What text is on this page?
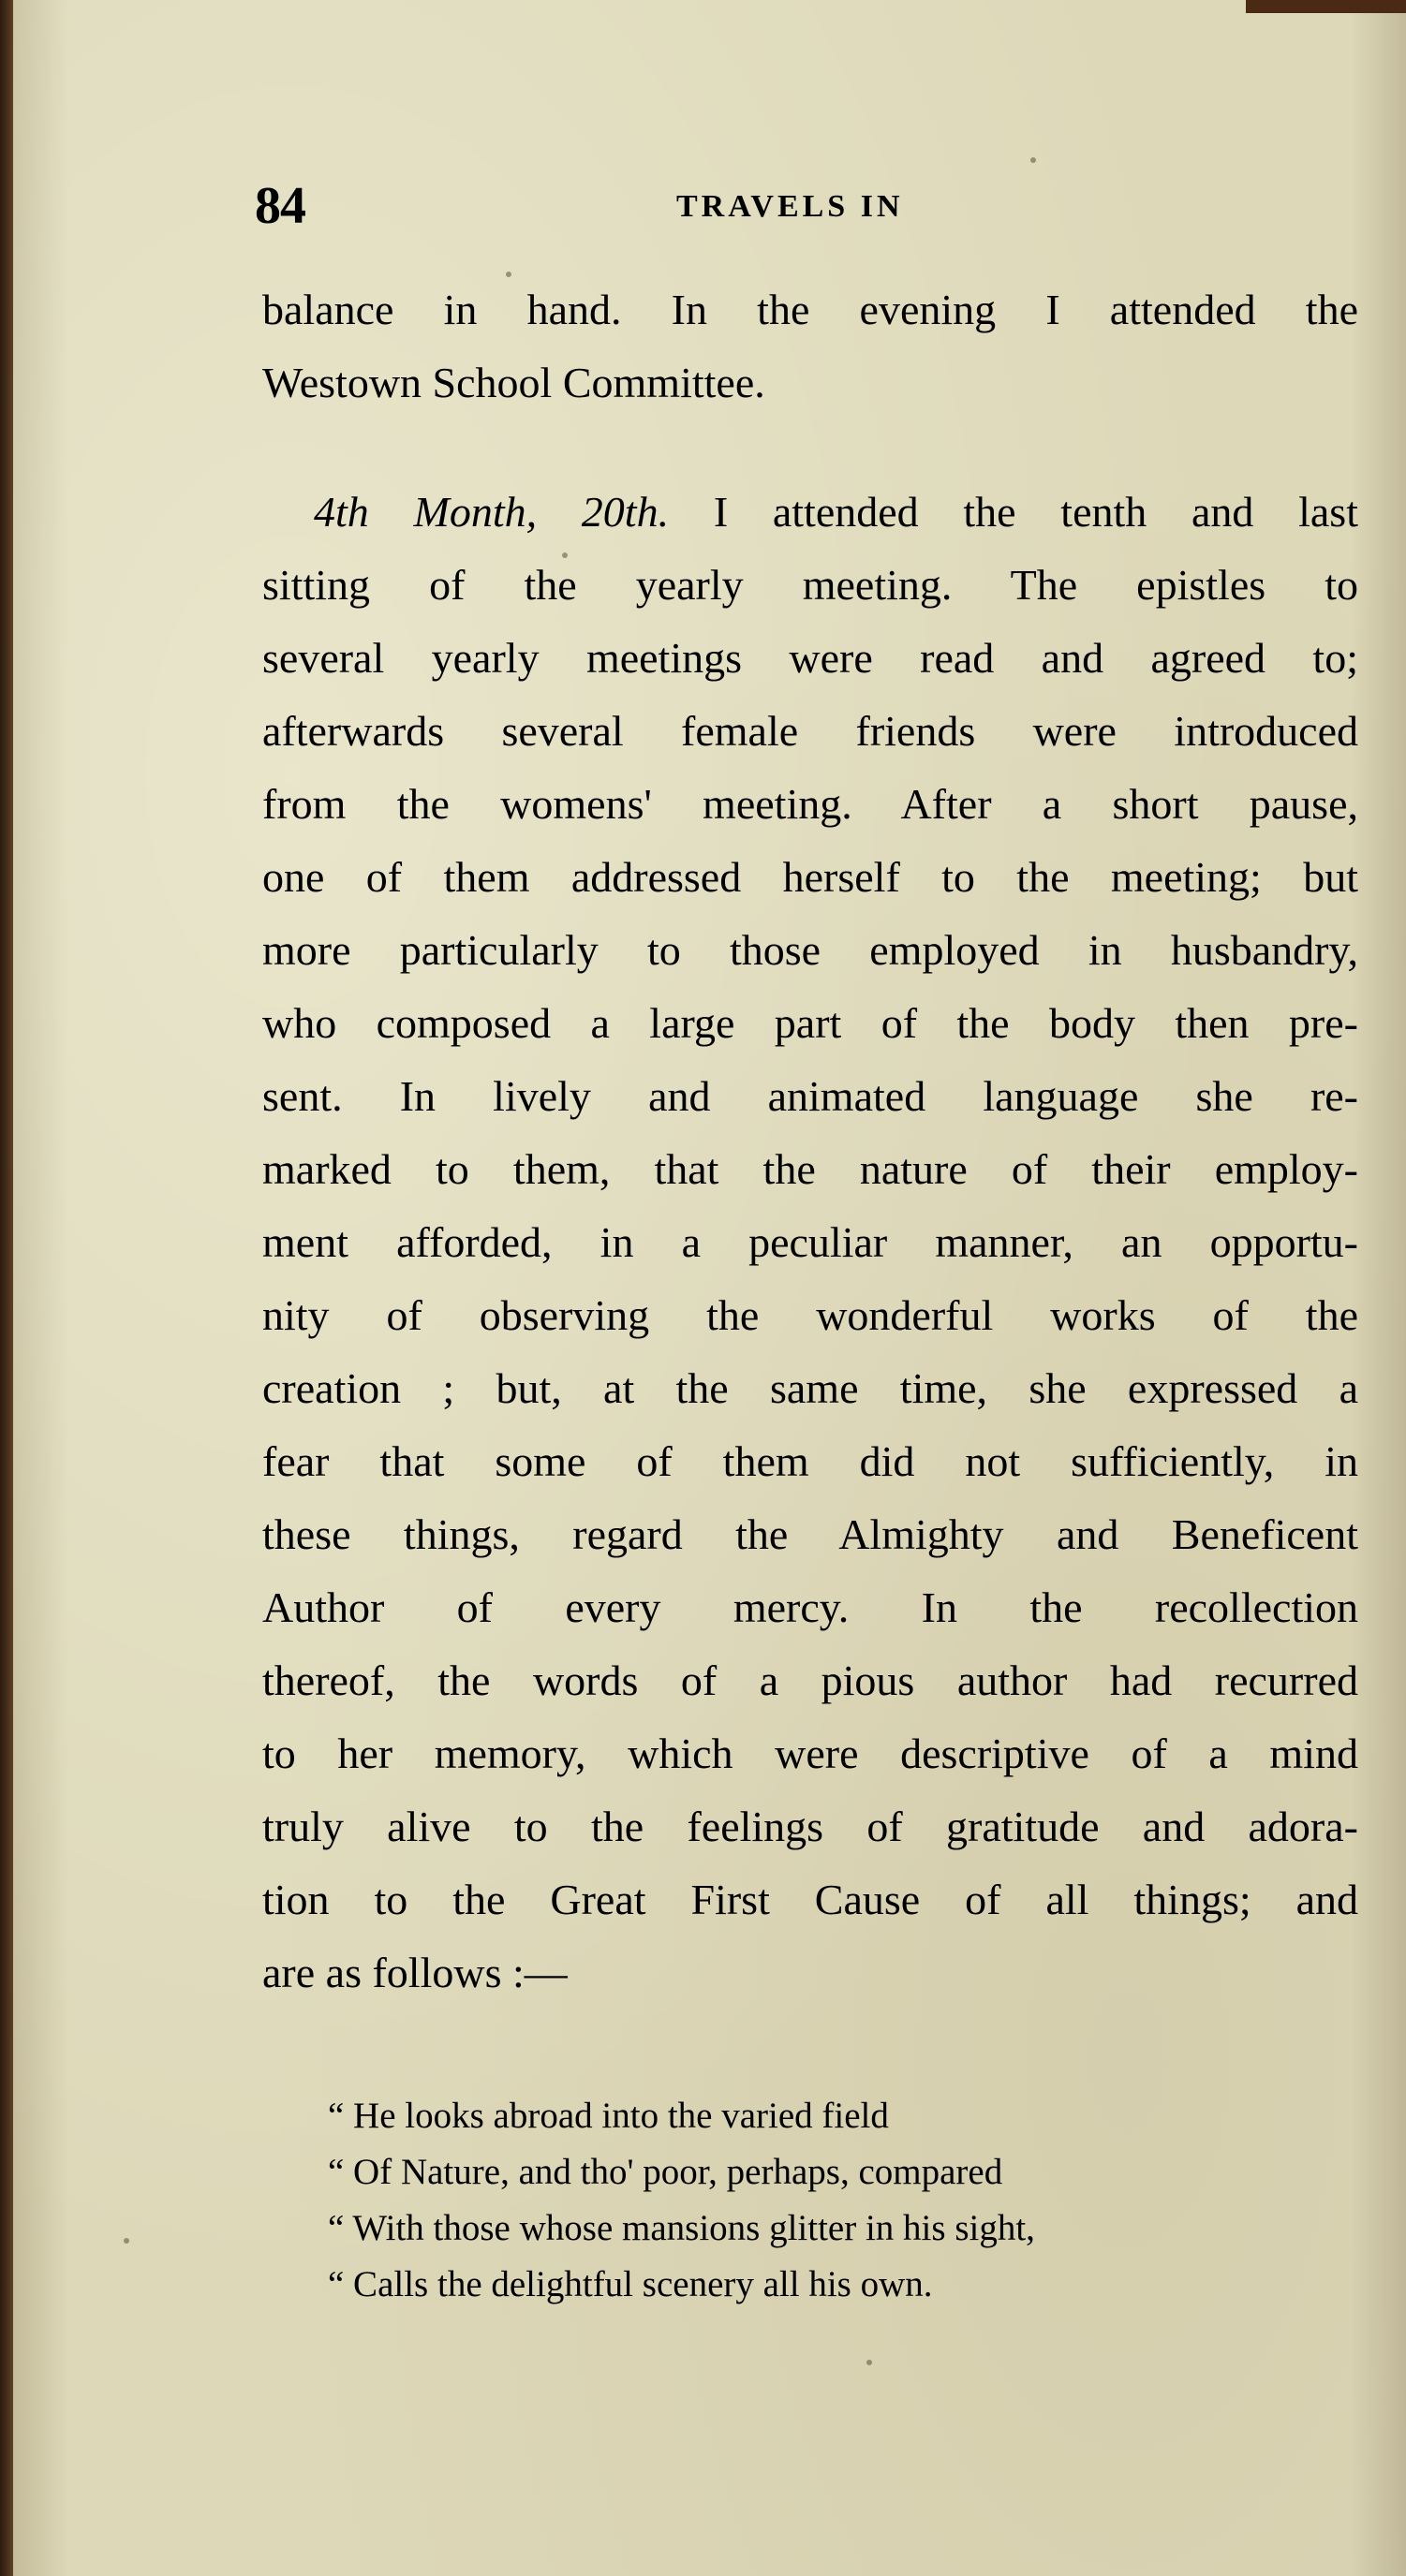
84	TRAVELS IN
balance in hand. In the evening I attended the
Westown School Committee.
4th Month, 20th. I attended the tenth and last
sitting of the yearly meeting. The epistles to
several yearly meetings were read and agreed to;
afterwards several female friends were introduced
from the womens' meeting. After a short pause,
one of them addressed herself to the meeting; but
more particularly to those employed in husbandry,
who composed a large part of the body then pre-
sent. In lively and animated language she re-
marked to them, that the nature of their employ-
ment afforded, in a peculiar manner, an opportu-
nity of observing the wonderful works of the
creation ; but, at the same time, she expressed a
fear that some of them did not sufficiently, in
these things, regard the Almighty and Beneficent
Author of every mercy. In the recollection
thereof, the words of a pious author had recurred
to her memory, which were descriptive of a mind
truly alive to the feelings of gratitude and adora-
tion to the Great First Cause of all things; and
are as follows :—
“ He looks abroad into the varied field
“ Of Nature, and tho' poor, perhaps, compared
“ With those whose mansions glitter in his sight,
“ Calls the delightful scenery all his own.
